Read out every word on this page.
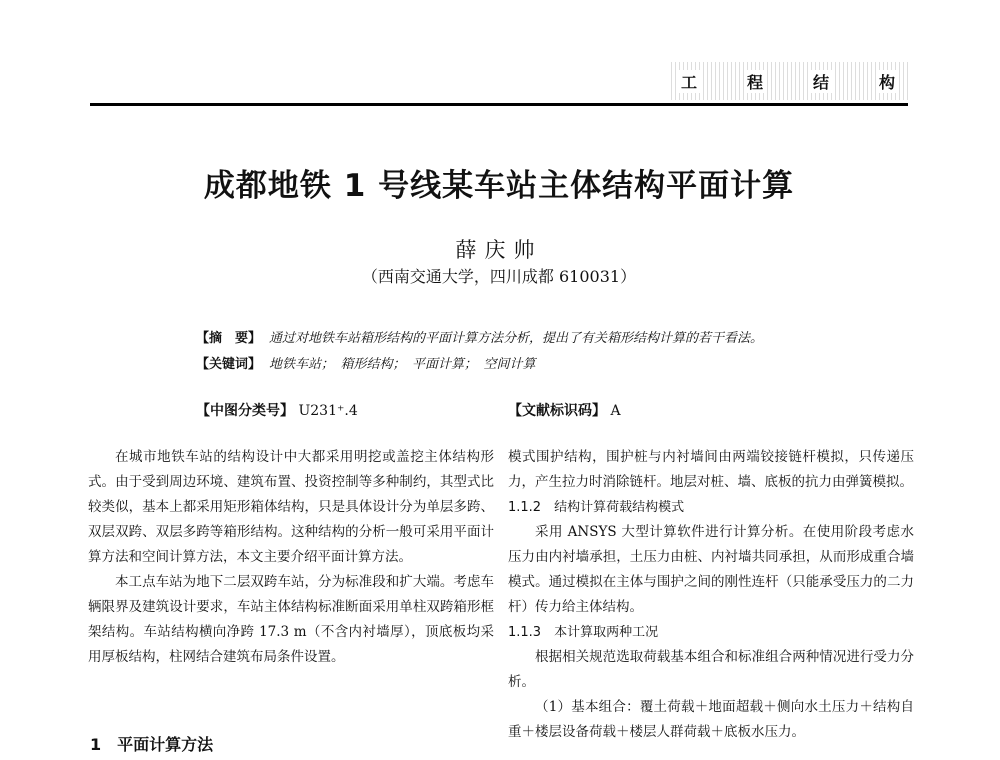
工	程	结	构
成都地铁 1 号线某车站主体结构平面计算
薛庆帅
（西南交通大学，四川成都 610031）
【摘　要】 通过对地铁车站箱形结构的平面计算方法分析，提出了有关箱形结构计算的若干看法。
【关键词】 地铁车站；　箱形结构；　平面计算；　空间计算
【中图分类号】 U231⁺.4	【文献标识码】 A

在城市地铁车站的结构设计中大都采用明挖或盖挖主体结构形式。由于受到周边环境、建筑布置、投资控制等多种制约，其型式比较类似，基本上都采用矩形箱体结构，只是具体设计分为单层多跨、双层双跨、双层多跨等箱形结构。这种结构的分析一般可采用平面计算方法和空间计算方法，本文主要介绍平面计算方法。

本工点车站为地下二层双跨车站，分为标准段和扩大端。考虑车辆限界及建筑设计要求，车站主体结构标准断面采用单柱双跨箱形框架结构。车站结构横向净跨 17.3 m（不含内衬墙厚），顶底板均采用厚板结构，柱网结合建筑布局条件设置。

1　平面计算方法

模式围护结构，围护桩与内衬墙间由两端铰接链杆模拟，只传递压力，产生拉力时消除链杆。地层对桩、墙、底板的抗力由弹簧模拟。

1.1.2　结构计算荷载结构模式

采用 ANSYS 大型计算软件进行计算分析。在使用阶段考虑水压力由内衬墙承担，土压力由桩、内衬墙共同承担，从而形成重合墙模式。通过模拟在主体与围护之间的刚性连杆（只能承受压力的二力杆）传力给主体结构。

1.1.3　本计算取两种工况

根据相关规范选取荷载基本组合和标准组合两种情况进行受力分析。

（1）基本组合：覆土荷载＋地面超载＋侧向水土压力＋结构自重＋楼层设备荷载＋楼层人群荷载＋底板水压力。
